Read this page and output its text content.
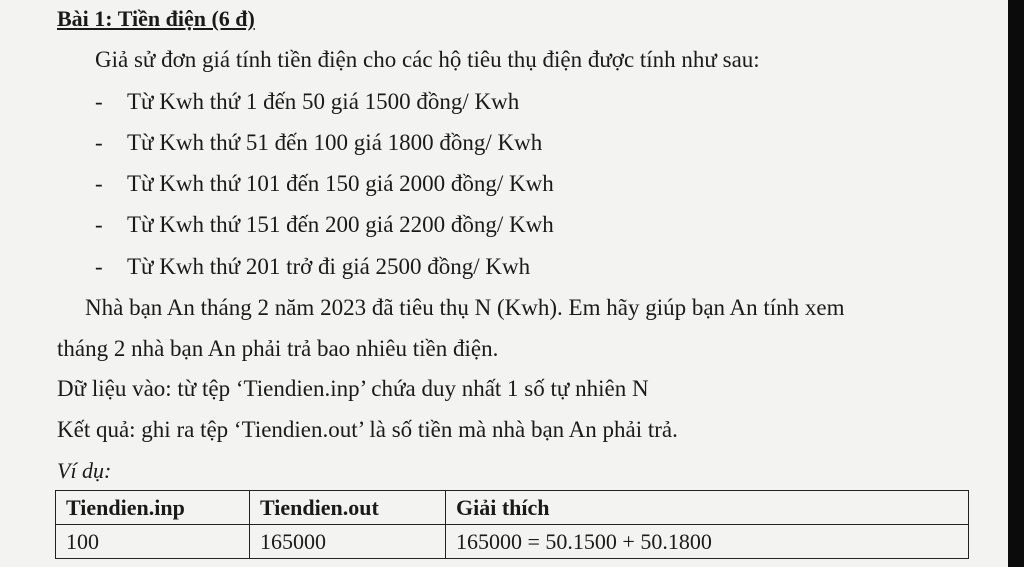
Bài 1: Tiền điện (6 đ)
Giả sử đơn giá tính tiền điện cho các hộ tiêu thụ điện được tính như sau:
- Từ Kwh thứ 1 đến 50 giá 1500 đồng/ Kwh
- Từ Kwh thứ 51 đến 100 giá 1800 đồng/ Kwh
- Từ Kwh thứ 101 đến 150 giá 2000 đồng/ Kwh
- Từ Kwh thứ 151 đến 200 giá 2200 đồng/ Kwh
- Từ Kwh thứ 201 trở đi giá 2500 đồng/ Kwh
Nhà bạn An tháng 2 năm 2023 đã tiêu thụ N (Kwh). Em hãy giúp bạn An tính xem
tháng 2 nhà bạn An phải trả bao nhiêu tiền điện.
Dữ liệu vào: từ tệp ‘Tiendien.inp’ chứa duy nhất 1 số tự nhiên N
Kết quả: ghi ra tệp ‘Tiendien.out’ là số tiền mà nhà bạn An phải trả.
Ví dụ:
Tiendien.inp	Tiendien.out	Giải thích
100	165000	165000 = 50.1500 + 50.1800
